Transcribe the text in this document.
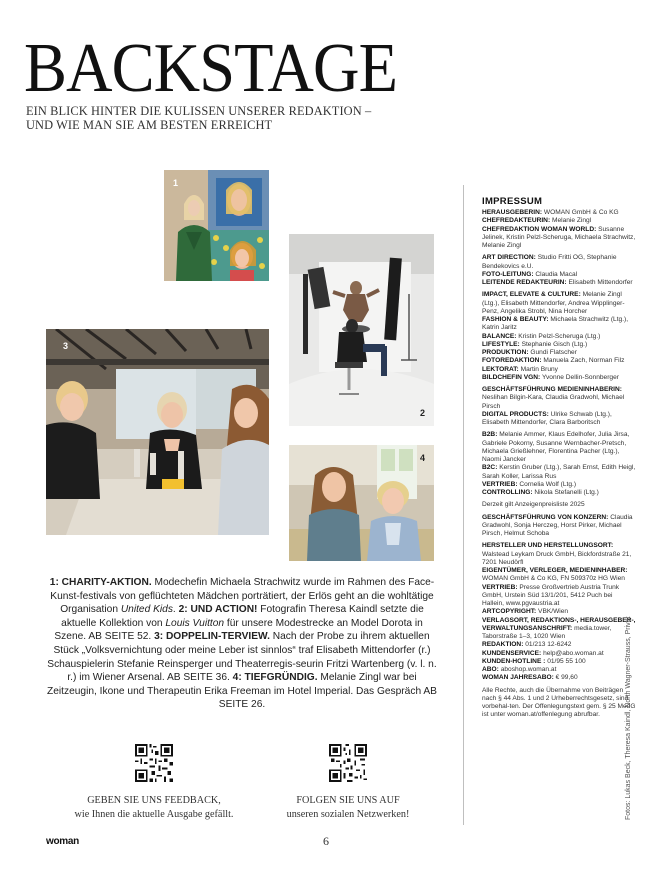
BACKSTAGE
EIN BLICK HINTER DIE KULISSEN UNSERER REDAKTION –
UND WIE MAN SIE AM BESTEN ERREICHT
1
2
3
4
1: CHARITY-AKTION. Modechefin Michaela Strachwitz wurde im Rahmen des Face-Kunst-festivals von geflüchteten Mädchen porträtiert, der Erlös geht an die wohltätige Organisation United Kids. 2: UND ACTION! Fotografin Theresa Kaindl setzte die aktuelle Kollektion von Louis Vuitton für unsere Modestrecke an Model Dorota in Szene. AB SEITE 52. 3: DOPPELIN-TERVIEW. Nach der Probe zu ihrem aktuellen Stück „Volksvernichtung oder meine Leber ist sinnlos“ traf Elisabeth Mittendorfer (r.) Schauspielerin Stefanie Reinsperger und Theaterregis-seurin Fritzi Wartenberg (v. l. n. r.) im Wiener Arsenal. AB SEITE 36. 4: TIEFGRÜNDIG. Melanie Zingl war bei Zeitzeugin, Ikone und Therapeutin Erika Freeman im Hotel Imperial. Das Gespräch AB SEITE 26.
GEBEN SIE UNS FEEDBACK,
wie Ihnen die aktuelle Ausgabe gefällt.
FOLGEN SIE UNS AUF
unseren sozialen Netzwerken!
IMPRESSUM

HERAUSGEBERIN: WOMAN GmbH & Co KG
CHEFREDAKTEURIN: Melanie Zingl
CHEFREDAKTION WOMAN WORLD: Susanne Jelinek, Kristin Pelzl-Scheruga, Michaela Strachwitz, Melanie Zingl

ART DIRECTION: Studio Fritti OG, Stephanie Bendekovics e.U.
FOTO-LEITUNG: Claudia Macal
LEITENDE REDAKTEURIN: Elisabeth Mittendorfer

IMPACT, ELEVATE & CULTURE: Melanie Zingl (Ltg.), Elisabeth Mittendorfer, Andrea Wipplinger-Penz, Angelika Strobl, Nina Horcher
FASHION & BEAUTY: Michaela Strachwitz (Ltg.), Katrin Jaritz
BALANCE: Kristin Pelzl-Scheruga (Ltg.)
LIFESTYLE: Stephanie Gisch (Ltg.)
PRODUKTION: Gundi Flatscher
FOTOREDAKTION: Manuela Zach, Norman Filz
LEKTORAT: Martin Bruny
BILDCHEFIN VGN: Yvonne Dellin-Sonnberger

GESCHÄFTSFÜHRUNG MEDIENINHABERIN: Neslihan Bilgin-Kara, Claudia Gradwohl, Michael Pirsch
DIGITAL PRODUCTS: Ulrike Schwab (Ltg.), Elisabeth Mittendorfer, Clara Barboritsch

B2B: Melanie Ammer, Klaus Edelhofer, Julia Jirsa, Gabriele Pokorny, Susanne Wernbacher-Pretsch, Michaela Grießlehner, Florentina Pacher (Ltg.), Naomi Jancker
B2C: Kerstin Gruber (Ltg.), Sarah Ernst, Edith Heigl, Sarah Koller, Larissa Rus
VERTRIEB: Cornelia Wolf (Ltg.)
CONTROLLING: Nikola Stefanelli (Ltg.)

Derzeit gilt Anzeigenpreisliste 2025

GESCHÄFTSFÜHRUNG VON KONZERN: Claudia Gradwohl, Sonja Herczeg, Horst Pirker, Michael Pirsch, Helmut Schoba

HERSTELLER UND HERSTELLUNGSORT: Walstead Leykam Druck GmbH, Bickfordstraße 21, 7201 Neudörfl
EIGENTÜMER, VERLEGER, MEDIENINHABER: WOMAN GmbH & Co KG, FN 509370z HG Wien
VERTRIEB: Presse Großvertrieb Austria Trunk GmbH, Urstein Süd 13/1/201, 5412 Puch bei Hallein, www.pgvaustria.at
ARTCOPYRIGHT: VBK/Wien
VERLAGSORT, REDAKTIONS-, HERAUSGEBER-, VERWALTUNGSANSCHRIFT: media.tower, Taborstraße 1–3, 1020 Wien
REDAKTION: 01/213 12-6242
KUNDENSERVICE: help@abo.woman.at
KUNDEN-HOTLINE : 01/95 55 100
ABO: aboshop.woman.at
WOMAN JAHRESABO: € 99,60

Alle Rechte, auch die Übernahme von Beiträgen nach § 44 Abs. 1 und 2 Urheberrechtsgesetz, sind vorbehal-ten. Der Offenlegungstext gem. § 25 MedG ist unter woman.at/offenlegung abrufbar.	Fotos: Lukas Beck, Theresa Kaindl, North Wagner-Strauss, Privat
woman	6
